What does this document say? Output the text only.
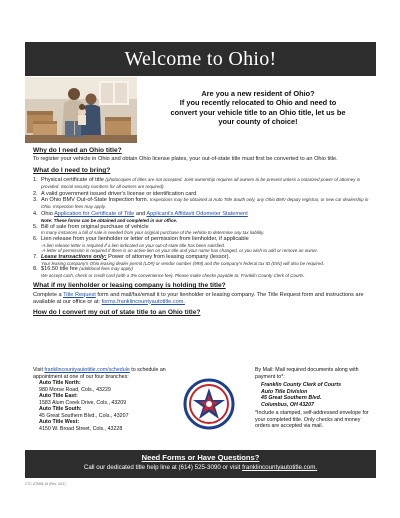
Welcome to Ohio!
Are you a new resident of Ohio?
If you recently relocated to Ohio and need to
convert your vehicle title to an Ohio title, let us be
your county of choice!
Why do I need an Ohio title?
To register your vehicle in Ohio and obtain Ohio license plates, your out-of-state title must first be converted to an Ohio title.
What do I need to bring?
1. Physical certificate of title (photocopies of titles are not accepted. Joint ownership requires all owners to be present unless a notarized power of attorney is provided. Social security numbers for all owners are required).
2. A valid government issued driver's license or identification card
3. An Ohio BMV Out-of-State Inspection form. Inspections may be obtained at Auto Title South only, any Ohio BMV deputy registrar, or new car dealership in Ohio. Inspection fees may apply.
4. Ohio Application for Certificate of Title and Applicant's Affidavit Odometer Statement
Note: These forms can be obtained and completed in our office.
5. Bill of sale from original purchase of vehicle
In many instances a bill of sale is needed from your original purchase of the vehicle to determine any tax liability.
6. Lien release from your lienholder or letter of permission from lienholder, if applicable
-A lien release letter is required if a lien indicated on your out-of-state title has been satisfied.
-A letter of permission is required if there is an active lien on your title and your name has changed, or you wish to add or remove an owner.
7. Lease transactions only: Power of attorney from leasing company (lessor).
Your leasing company's Ohio leasing dealer permit (LD#) or vendor number (999) and the company's federal tax ID (EIN) will also be required.
8. $16.50 title fee (additional fees may apply)
We accept cash, check or credit card (with a 3% convenience fee). Please make checks payable to: Franklin County Clerk of Courts.
What if my lienholder or leasing company is holding the title?
Complete a Title Request form and mail/fax/email it to your lienholder or leasing company. The Title Request form and instructions are available at our office or at: forms.franklincountyautotitle.com.
How do I convert my out of state title to an Ohio title?
Visit franklincountyautotitle.com/schedule to schedule an appointment at one of our four branches:
Auto Title North:
980 Morse Road, Cols., 43229
Auto Title East:
1583 Alum Creek Drive, Cols., 43209
Auto Title South:
45 Great Southern Blvd., Cols., 43207
Auto Title West:
4150 W. Broad Street, Cols., 43228
By Mail: Mail required documents along with payment to*:
Franklin County Clerk of Courts
Auto Title Division
45 Great Southern Blvd.
Columbus, OH 43207
*Include a stamped, self-addressed envelope for your completed title. Only checks and money orders are accepted via mail.
Need Forms or Have Questions?
Call our dedicated title help line at (614) 525-3090 or visit franklincountyautotitle.com.
CTC-ATMIB-16 (Rev. 4/21)
